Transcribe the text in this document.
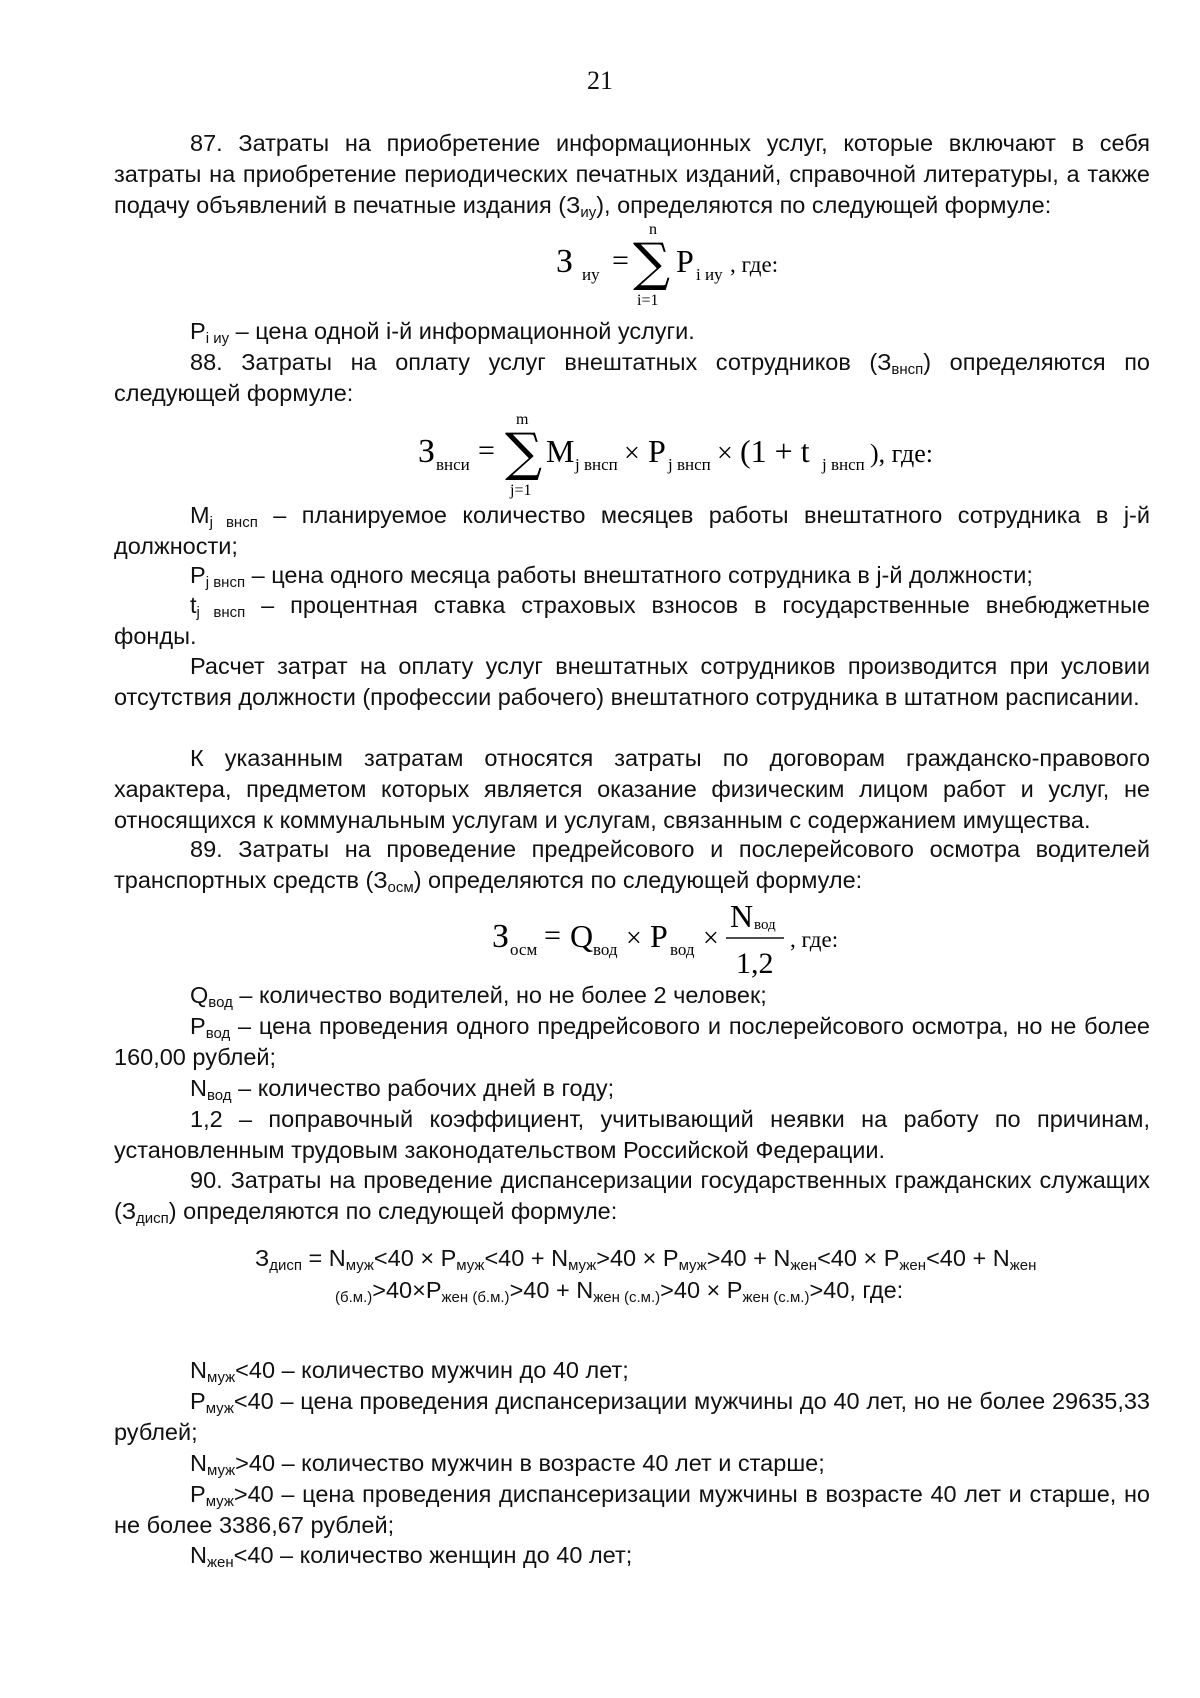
21

87. Затраты на приобретение информационных услуг, которые включают в себя затраты на приобретение периодических печатных изданий, справочной литературы, а также подачу объявлений в печатные издания $(З_{иу})$, определяются по следующей формуле:

З иу = ∑
n
i=1
P i иу , где:

$P_{i иу}$ – цена одной i-й информационной услуги.

88. Затраты на оплату услуг внештатных сотрудников $(З_{внсп})$ определяются по следующей формуле:

З внси = ∑
m
j=1
M j внсп × P j внсп × (1 + t j внсп ), где:

$M_{j внсп}$ – планируемое количество месяцев работы внештатного сотрудника в j-й должности;

$P_{j внсп}$ – цена одного месяца работы внештатного сотрудника в j-й должности;

$t_{j внсп}$ – процентная ставка страховых взносов в государственные внебюджетные фонды.

Расчет затрат на оплату услуг внештатных сотрудников производится при условии отсутствия должности (профессии рабочего) внештатного сотрудника в штатном расписании.

К указанным затратам относятся затраты по договорам гражданско-правового характера, предметом которых является оказание физическим лицом работ и услуг, не относящихся к коммунальным услугам и услугам, связанным с содержанием имущества.

89. Затраты на проведение предрейсового и послерейсового осмотра водителей транспортных средств $(З_{осм})$ определяются по следующей формуле:

З осм = Q вод × P вод ×
N вод
1,2
, где:

$Q_{вод}$ – количество водителей, но не более 2 человек;

$P_{вод}$ – цена проведения одного предрейсового и послерейсового осмотра, но не более 160,00 рублей;

$N_{вод}$ – количество рабочих дней в году;

1,2 – поправочный коэффициент, учитывающий неявки на работу по причинам, установленным трудовым законодательством Российской Федерации.

90. Затраты на проведение диспансеризации государственных гражданских служащих $(З_{дисп})$ определяются по следующей формуле:

$З_{дисп} = N_{муж}<40 \times P_{муж}<40 + N_{муж}>40 \times P_{муж}>40 + N_{жен}<40 \times P_{жен}<40 + N_{жен}$
$_{(б.м.)}>40\times P_{жен (б.м.)}>40 + N_{жен (с.м.)}>40 \times P_{жен (с.м.)}>40$, где:

$N_{муж}<40$ – количество мужчин до 40 лет;

$P_{муж}<40$ – цена проведения диспансеризации мужчины до 40 лет, но не более 29635,33 рублей;

$N_{муж}>40$ – количество мужчин в возрасте 40 лет и старше;

$P_{муж}>40$ – цена проведения диспансеризации мужчины в возрасте 40 лет и старше, но не более 3386,67 рублей;

$N_{жен}<40$ – количество женщин до 40 лет;
